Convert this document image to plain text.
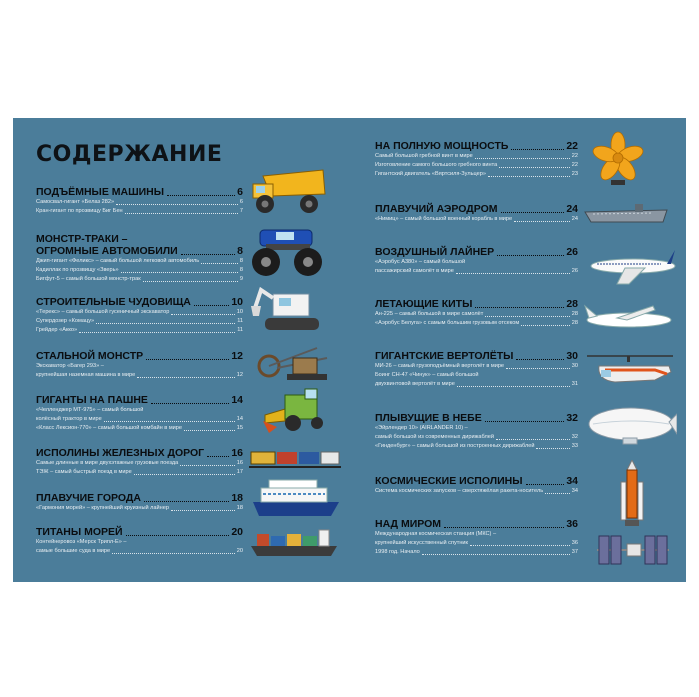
СОДЕРЖАНИЕ
ПОДЪЁМНЫЕ МАШИНЫ	6
Самосвал-гигант «Белаз 282»	6
Кран-гигант по прозвищу Биг Бен	7
МОНСТР-ТРАКИ –
ОГРОМНЫЕ АВТОМОБИЛИ	8
Джип-гигант «Феликс» – самый большой легковой автомобиль	8
Кадиллак по прозвищу «Зверь»	8
Бигфут-5 – самый большой монстр-трак	9
СТРОИТЕЛЬНЫЕ ЧУДОВИЩА	10
«Терекс» – самый большой гусеничный экскаватор	10
Супердозер «Комацу»	11
Грейдер «Акко»	11
СТАЛЬНОЙ МОНСТР	12
Экскаватор «Багер 293» –
крупнейшая наземная машина в мире	12
ГИГАНТЫ НА ПАШНЕ	14
«Челленджер МТ-975» – самый большой
колёсный трактор в мире	14
«Класс Лексион-770» – самый большой комбайн в мире	15
ИСПОЛИНЫ ЖЕЛЕЗНЫХ ДОРОГ	16
Самые длинные в мире двухэтажные грузовые поезда	16
ТЭЖ – самый быстрый поезд в мире	17
ПЛАВУЧИЕ ГОРОДА	18
«Гармония морей» – крупнейший круизный лайнер	18
ТИТАНЫ МОРЕЙ	20
Контейнеровоз «Мерск Трипл-Е» –
самые большие суда в мире	20
НА ПОЛНУЮ МОЩНОСТЬ	22
Самый большой гребной винт в мире	22
Изготовление самого большого гребного винта	22
Гигантский двигатель «Вяртсиля-Зульцер»	23
ПЛАВУЧИЙ АЭРОДРОМ	24
«Нимиц» – самый большой военный корабль в мире	24
ВОЗДУШНЫЙ ЛАЙНЕР	26
«Аэробус A380» – самый большой
пассажирский самолёт в мире	26
ЛЕТАЮЩИЕ КИТЫ	28
Ан-225 – самый большой в мире самолёт	28
«Аэробус Белуга» с самым большим грузовым отсеком	28
ГИГАНТСКИЕ ВЕРТОЛЁТЫ	30
МИ-26 – самый грузоподъёмный вертолёт в мире	30
Боинг CH-47 «Чинук» – самый большой
двухвинтовой вертолёт в мире	31
ПЛЫВУЩИЕ В НЕБЕ	32
«Эйрлендер 10» (AIRLANDER 10) –
самый большой из современных дирижаблей	32
«Гинденбург» – самый большой из построенных дирижаблей	33
КОСМИЧЕСКИЕ ИСПОЛИНЫ	34
Система космических запусков – сверхтяжёлая ракета-носитель	34
НАД МИРОМ	36
Международная космическая станция (МКС) –
крупнейший искусственный спутник	36
1998 год. Начало	37
